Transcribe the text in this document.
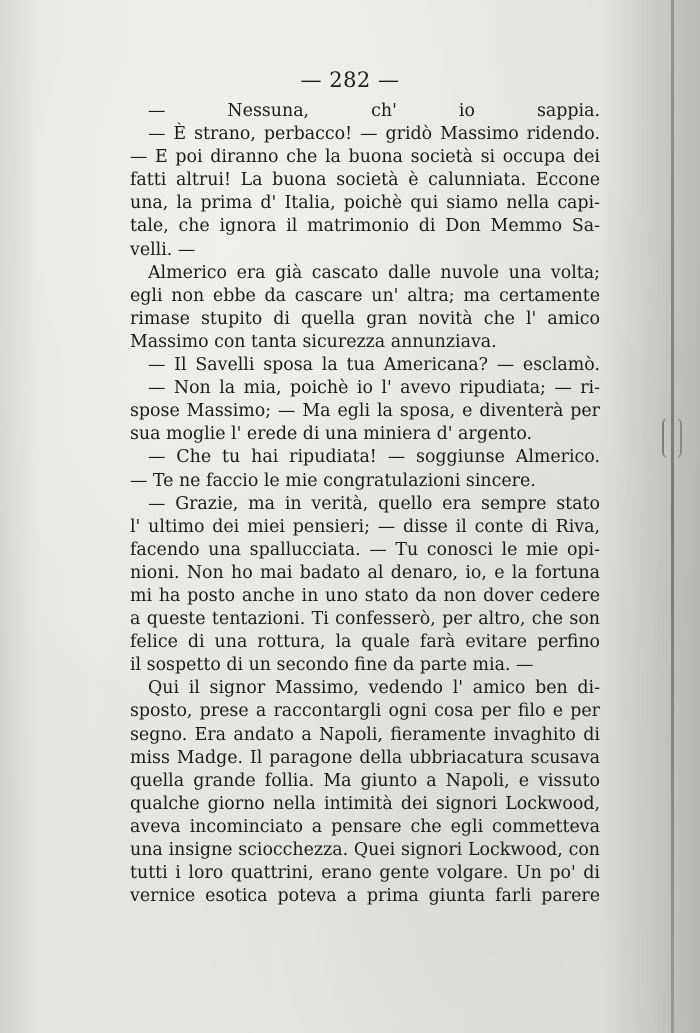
— 282 —
— Nessuna, ch' io sappia.
— È strano, perbacco! — gridò Massimo ridendo.
— E poi diranno che la buona società si occupa dei
fatti altrui! La buona società è calunniata. Eccone
una, la prima d' Italia, poichè qui siamo nella capi-
tale, che ignora il matrimonio di Don Memmo Sa-
velli. —
Almerico era già cascato dalle nuvole una volta;
egli non ebbe da cascare un' altra; ma certamente
rimase stupito di quella gran novità che l' amico
Massimo con tanta sicurezza annunziava.
— Il Savelli sposa la tua Americana? — esclamò.
— Non la mia, poichè io l' avevo ripudiata; — ri-
spose Massimo; — Ma egli la sposa, e diventerà per
sua moglie l' erede di una miniera d' argento.
— Che tu hai ripudiata! — soggiunse Almerico.
— Te ne faccio le mie congratulazioni sincere.
— Grazie, ma in verità, quello era sempre stato
l' ultimo dei miei pensieri; — disse il conte di Riva,
facendo una spallucciata. — Tu conosci le mie opi-
nioni. Non ho mai badato al denaro, io, e la fortuna
mi ha posto anche in uno stato da non dover cedere
a queste tentazioni. Ti confesserò, per altro, che son
felice di una rottura, la quale farà evitare perfino
il sospetto di un secondo fine da parte mia. —
Qui il signor Massimo, vedendo l' amico ben di-
sposto, prese a raccontargli ogni cosa per filo e per
segno. Era andato a Napoli, fieramente invaghito di
miss Madge. Il paragone della ubbriacatura scusava
quella grande follia. Ma giunto a Napoli, e vissuto
qualche giorno nella intimità dei signori Lockwood,
aveva incominciato a pensare che egli commetteva
una insigne sciocchezza. Quei signori Lockwood, con
tutti i loro quattrini, erano gente volgare. Un po' di
vernice esotica poteva a prima giunta farli parere
